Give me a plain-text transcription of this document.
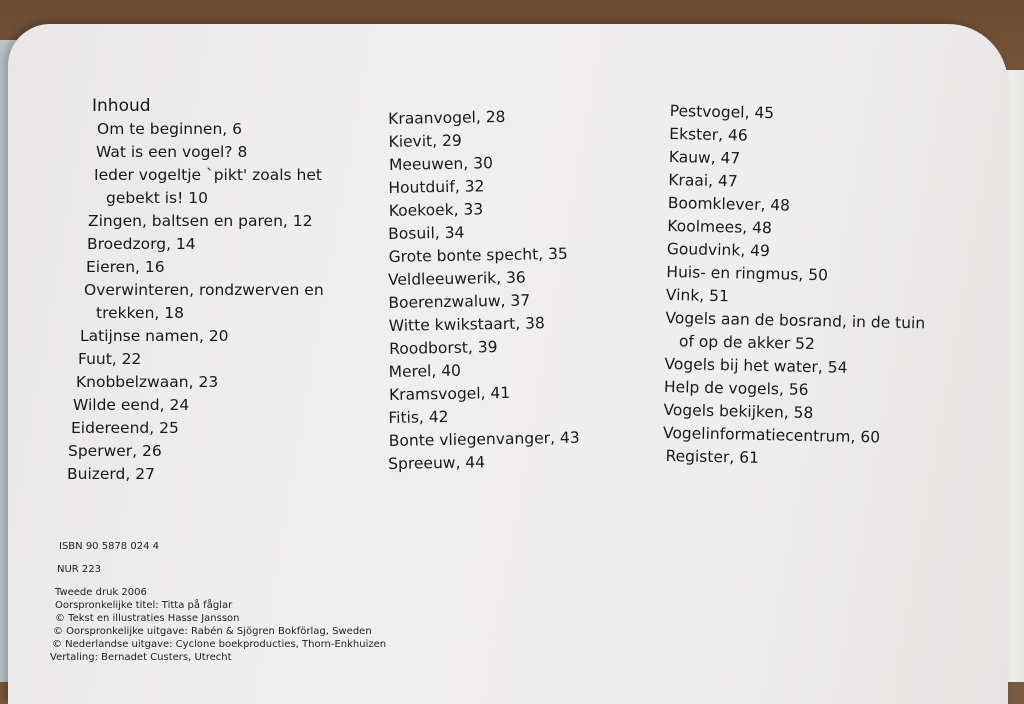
Inhoud
Om te beginnen, 6
Wat is een vogel? 8
Ieder vogeltje `pikt' zoals het
gebekt is! 10
Zingen, baltsen en paren, 12
Broedzorg, 14
Eieren, 16
Overwinteren, rondzwerven en
trekken, 18
Latijnse namen, 20
Fuut, 22
Knobbelzwaan, 23
Wilde eend, 24
Eidereend, 25
Sperwer, 26
Buizerd, 27
Kraanvogel, 28
Kievit, 29
Meeuwen, 30
Houtduif, 32
Koekoek, 33
Bosuil, 34
Grote bonte specht, 35
Veldleeuwerik, 36
Boerenzwaluw, 37
Witte kwikstaart, 38
Roodborst, 39
Merel, 40
Kramsvogel, 41
Fitis, 42
Bonte vliegenvanger, 43
Spreeuw, 44
Pestvogel, 45
Ekster, 46
Kauw, 47
Kraai, 47
Boomklever, 48
Koolmees, 48
Goudvink, 49
Huis- en ringmus, 50
Vink, 51
Vogels aan de bosrand, in de tuin
of op de akker 52
Vogels bij het water, 54
Help de vogels, 56
Vogels bekijken, 58
Vogelinformatiecentrum, 60
Register, 61
ISBN 90 5878 024 4
NUR 223
Tweede druk 2006
Oorspronkelijke titel: Titta på fåglar
© Tekst en illustraties Hasse Jansson
© Oorspronkelijke uitgave: Rabén & Sjögren Bokförlag, Sweden
© Nederlandse uitgave: Cyclone boekproducties, Thorn-Enkhuizen
Vertaling: Bernadet Custers, Utrecht
